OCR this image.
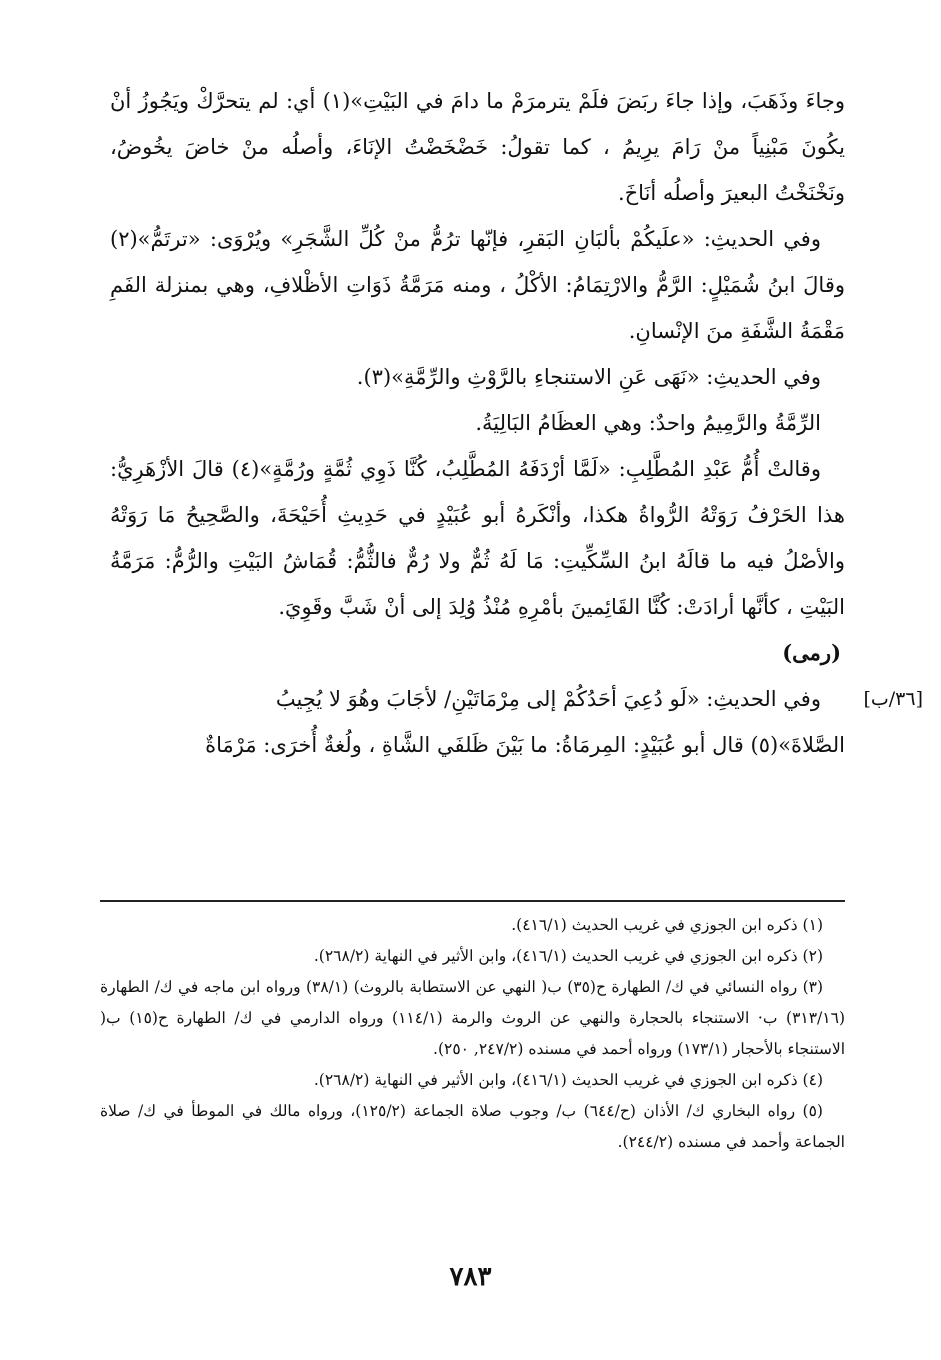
وجاءَ وذَهَبَ، وإذا جاءَ ربَضَ فلَمْ يترمرَمْ ما دامَ في البَيْتِ»(١) أي: لم يتحرَّكْ ويَجُوزُ أنْ يكُونَ مَبْنِياً منْ رَامَ يرِيمُ ، كما تقولُ: خَضْخَضْتُ الإنَاءَ، وأصلُه منْ خاضَ يخُوضُ، ونَخْنَخْتُ البعيرَ وأصلُه أنَاخَ.

وفي الحديثِ: «علَيكُمْ بألبَانِ البَقرِ، فإنّها ترُمُّ منْ كُلِّ الشَّجَرِ» ويُرْوَى: «ترتَمُّ»(٢) وقالَ ابنُ شُمَيْلٍ: الرَّمُّ والارْتِمَامُ: الأكْلُ ، ومنه مَرَمَّةُ ذَوَاتِ الأظْلافِ، وهي بمنزلة الفَمِ مَقْمَةُ الشَّفَةِ منَ الإنْسانِ.

وفي الحديثِ: «نَهَى عَنِ الاستنجاءِ بالرَّوْثِ والرِّمَّةِ»(٣).

الرِّمَّةُ والرَّمِيمُ واحدٌ: وهي العظَامُ البَالِيَةُ.

وقالتْ أُمُّ عَبْدِ المُطَّلِبِ: «لَمَّا أرْدَفَهُ المُطَّلِبُ، كُنَّا ذَوِي ثُمَّةٍ ورُمَّةٍ»(٤) قالَ الأزْهَرِيُّ: هذا الحَرْفُ رَوَتْهُ الرُّواةُ هكذا، وأنْكَرهُ أبو عُبَيْدٍ في حَدِيثِ أُحَيْحَةَ، والصَّحِيحُ مَا رَوَتْهُ والأصْلُ فيه ما قالَهُ ابنُ السِّكِّيتِ: مَا لَهُ ثُمٌّ ولا رُمٌّ فالثُّمُّ: قُمَاشُ البَيْتِ والرُّمُّ: مَرَمَّةُ البَيْتِ ، كأنَّها أرادَتْ: كُنَّا القَائِمينَ بأمْرِهِ مُنْذُ وُلِدَ إلى أنْ شَبَّ وقَوِيَ.

(رمى)

[٣٦/ب]

وفي الحديثِ: «لَو دُعِيَ أحَدُكُمْ إلى مِرْمَاتَيْنِ/ لأجَابَ وهُوَ لا يُجِيبُ

الصَّلاةَ»(٥) قال أبو عُبَيْدٍ: المِرمَاةُ: ما بَيْنَ ظَلفَي الشَّاةِ ، ولُغةٌ أُخرَى: مَرْمَاةٌ

(١) ذكره ابن الجوزي في غريب الحديث (٤١٦/١).

(٢) ذكره ابن الجوزي في غريب الحديث (٤١٦/١)، وابن الأثير في النهاية (٢٦٨/٢).

(٣) رواه النسائي في ك/ الطهارة ح(٣٥) ب( النهي عن الاستطابة بالروث) (٣٨/١) ورواه ابن ماجه في ك/ الطهارة (٣١٣/١٦) ب· الاستنجاء بالحجارة والنهي عن الروث والرمة (١١٤/١) ورواه الدارمي في ك/ الطهارة ح(١٥) ب( الاستنجاء بالأحجار (١٧٣/١) ورواه أحمد في مسنده (٢٤٧/٢, ٢٥٠).

(٤) ذكره ابن الجوزي في غريب الحديث (٤١٦/١)، وابن الأثير في النهاية (٢٦٨/٢).

(٥) رواه البخاري ك/ الأذان (ح/٦٤٤) ب/ وجوب صلاة الجماعة (١٢٥/٢)، ورواه مالك في الموطأ في ك/ صلاة الجماعة وأحمد في مسنده (٢٤٤/٢).

٧٨٣
